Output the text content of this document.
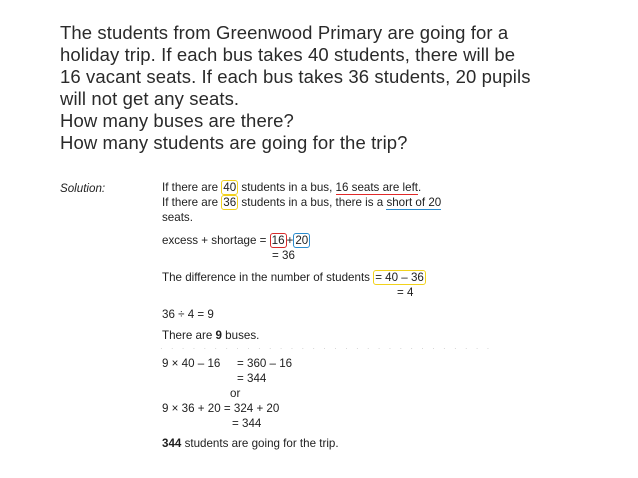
The students from Greenwood Primary are going for a
holiday trip. If each bus takes 40 students, there will be
16 vacant seats. If each bus takes 36 students, 20 pupils
will not get any seats.
How many buses are there?
How many students are going for the trip?
Solution:	If there are 40 students in a bus, 16 seats are left.
If there are 36 students in a bus, there is a short of 20
seats.
excess + shortage = 16 + 20
= 36
The difference in the number of students = 40 – 36
= 4
36 ÷ 4 = 9
There are 9 buses.
· · · · · · · · · · · · · · · · · · · · · · · · · · · · · · ·
9 × 40 – 16 = 360 – 16
= 344
or
9 × 36 + 20 = 324 + 20
= 344
344 students are going for the trip.
